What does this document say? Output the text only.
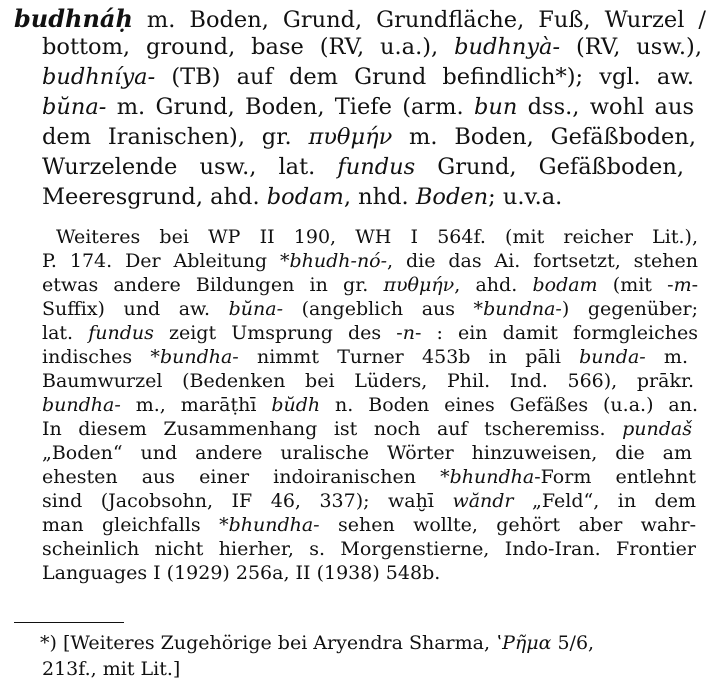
budhnáḥ m. Boden, Grund, Grundfläche, Fuß, Wurzel /

bottom, ground, base (RV, u.a.), budhnyà- (RV, usw.),

budhníya- (TB) auf dem Grund befindlich*); vgl. aw.

bŭna- m. Grund, Boden, Tiefe (arm. bun dss., wohl aus

dem Iranischen), gr. πυθμήν m. Boden, Gefäßboden,

Wurzelende usw., lat. fundus Grund, Gefäßboden,

Meeresgrund, ahd. bodam, nhd. Boden; u.v.a.

Weiteres bei WP II 190, WH I 564f. (mit reicher Lit.),

P. 174. Der Ableitung *bhudh-nó-, die das Ai. fortsetzt, stehen

etwas andere Bildungen in gr. πυθμήν, ahd. bodam (mit -m-

Suffix) und aw. bŭna- (angeblich aus *bundna-) gegenüber;

lat. fundus zeigt Umsprung des -n- : ein damit formgleiches

indisches *bundha- nimmt Turner 453b in pāli bunda- m.

Baumwurzel (Bedenken bei Lüders, Phil. Ind. 566), prākr.

bundha- m., marāṭhī bŭdh n. Boden eines Gefäßes (u.a.) an.

In diesem Zusammenhang ist noch auf tscheremiss. pundaš

„Boden“ und andere uralische Wörter hinzuweisen, die am

ehesten aus einer indoiranischen *bhundha-Form entlehnt

sind (Jacobsohn, IF 46, 337); waḫī wăndr „Feld“, in dem

man gleichfalls *bhundha- sehen wollte, gehört aber wahr-

scheinlich nicht hierher, s. Morgenstierne, Indo-Iran. Frontier

Languages I (1929) 256a, II (1938) 548b.

*) [Weiteres Zugehörige bei Aryendra Sharma, ʽΡῆμα 5/6,

213f., mit Lit.]
